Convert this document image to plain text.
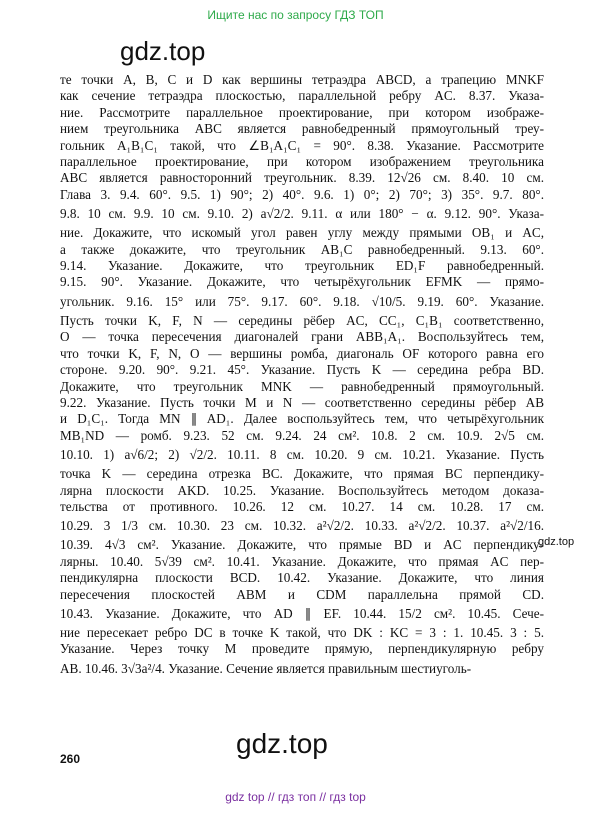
Ищите нас по запросу ГДЗ ТОП
gdz.top
gdz.top
те точки A, B, C и D как вершины тетраэдра ABCD, а трапецию MNKF
как сечение тетраэдра плоскостью, параллельной ребру AC. 8.37. Указа-
ние. Рассмотрите параллельное проектирование, при котором изображе-
нием треугольника ABC является равнобедренный прямоугольный треу-
гольник A₁B₁C₁ такой, что ∠B₁A₁C₁ = 90°. 8.38. Указание. Рассмотрите
параллельное проектирование, при котором изображением треугольника
ABC является равносторонний треугольник. 8.39. 12√26 см. 8.40. 10 см.
Глава 3. 9.4. 60°. 9.5. 1) 90°; 2) 40°. 9.6. 1) 0°; 2) 70°; 3) 35°. 9.7. 80°.
9.8. 10 см. 9.9. 10 см. 9.10. 2) a√2/2. 9.11. α или 180° − α. 9.12. 90°. Указа-
ние. Докажите, что искомый угол равен углу между прямыми OB₁ и AC,
а также докажите, что треугольник AB₁C равнобедренный. 9.13. 60°.
9.14. Указание. Докажите, что треугольник ED₁F равнобедренный.
9.15. 90°. Указание. Докажите, что четырёхугольник EFMK — прямо-
угольник. 9.16. 15° или 75°. 9.17. 60°. 9.18. √10/5. 9.19. 60°. Указание.
Пусть точки K, F, N — середины рёбер AC, CC₁, C₁B₁ соответственно,
O — точка пересечения диагоналей грани ABB₁A₁. Воспользуйтесь тем,
что точки K, F, N, O — вершины ромба, диагональ OF которого равна его
стороне. 9.20. 90°. 9.21. 45°. Указание. Пусть K — середина ребра BD.
Докажите, что треугольник MNK — равнобедренный прямоугольный.
9.22. Указание. Пусть точки M и N — соответственно середины рёбер AB
и D₁C₁. Тогда MN ∥ AD₁. Далее воспользуйтесь тем, что четырёхугольник
MB₁ND — ромб. 9.23. 52 см. 9.24. 24 см². 10.8. 2 см. 10.9. 2√5 см.
10.10. 1) a√6/2; 2) √2/2. 10.11. 8 см. 10.20. 9 см. 10.21. Указание. Пусть
точка K — середина отрезка BC. Докажите, что прямая BC перпендику-
лярна плоскости AKD. 10.25. Указание. Воспользуйтесь методом доказа-
тельства от противного. 10.26. 12 см. 10.27. 14 см. 10.28. 17 см.
10.29. 3 1/3 см. 10.30. 23 см. 10.32. a²√2/2. 10.33. a²√2/2. 10.37. a²√2/16.
10.39. 4√3 см². Указание. Докажите, что прямые BD и AC перпендику-
лярны. 10.40. 5√39 см². 10.41. Указание. Докажите, что прямая AC пер-
пендикулярна плоскости BCD. 10.42. Указание. Докажите, что линия
пересечения плоскостей ABM и CDM параллельна прямой CD.
10.43. Указание. Докажите, что AD ∥ EF. 10.44. 15/2 см². 10.45. Сече-
ние пересекает ребро DC в точке K такой, что DK : KC = 3 : 1. 10.45. 3 : 5.
Указание. Через точку M проведите прямую, перпендикулярную ребру
AB. 10.46. 3√3a²/4. Указание. Сечение является правильным шестиуголь-
gdz.top
260
gdz top // гдз топ // гдз top
